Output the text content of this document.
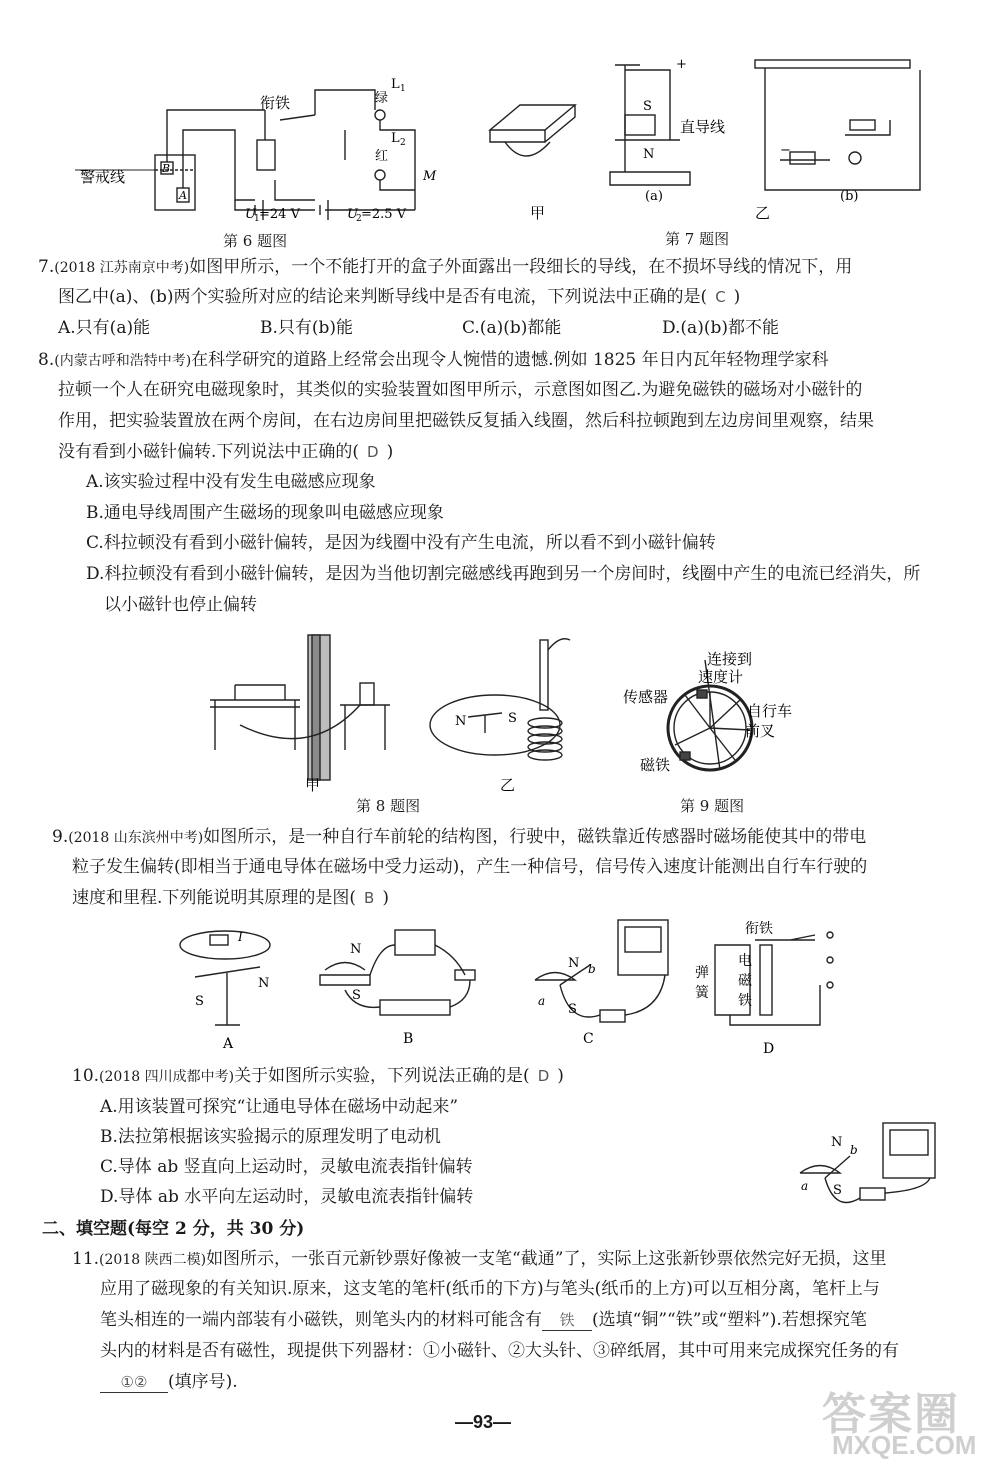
衔铁
警戒线	B
A
L 1
绿
L 2
红
M
U
1 =24 V	U
2 =2.5 V
第 6 题图
+
S
N
直导线
(a)
−
(b)
甲	乙
第 7 题图
7.(2018 江苏南京中考)如图甲所示，一个不能打开的盒子外面露出一段细长的导线，在不损坏导线的情况下，用
图乙中(a)、(b)两个实验所对应的结论来判断导线中是否有电流，下列说法中正确的是( C )
A.只有(a)能	B.只有(b)能	C.(a)(b)都能	D.(a)(b)都不能
8.(内蒙古呼和浩特中考)在科学研究的道路上经常会出现令人惋惜的遗憾.例如 1825 年日内瓦年轻物理学家科
拉顿一个人在研究电磁现象时，其类似的实验装置如图甲所示，示意图如图乙.为避免磁铁的磁场对小磁针的
作用，把实验装置放在两个房间，在右边房间里把磁铁反复插入线圈，然后科拉顿跑到左边房间里观察，结果
没有看到小磁针偏转.下列说法中正确的( D )
A.该实验过程中没有发生电磁感应现象
B.通电导线周围产生磁场的现象叫电磁感应现象
C.科拉顿没有看到小磁针偏转，是因为线圈中没有产生电流，所以看不到小磁针偏转
D.科拉顿没有看到小磁针偏转，是因为当他切割完磁感线再跑到另一个房间时，线圈中产生的电流已经消失，所
以小磁针也停止偏转
N	S
甲	乙
第 8 题图
连接到
速度计
传感器
自行车
前叉
磁铁
第 9 题图
9.(2018 山东滨州中考)如图所示，是一种自行车前轮的结构图，行驶中，磁铁靠近传感器时磁场能使其中的带电
粒子发生偏转(即相当于通电导体在磁场中受力运动)，产生一种信号，信号传入速度计能测出自行车行驶的
速度和里程.下列能说明其原理的是图( B )
I
S
N
A
N
S
B
N b
a
S
C
衔铁
弹
簧
电
磁
铁
D
10.(2018 四川成都中考)关于如图所示实验，下列说法正确的是( D )
A.用该装置可探究“让通电导体在磁场中动起来”
B.法拉第根据该实验揭示的原理发明了电动机
C.导体 ab 竖直向上运动时，灵敏电流表指针偏转
D.导体 ab 水平向左运动时，灵敏电流表指针偏转
N b
a S
二、填空题(每空 2 分，共 30 分)
11.(2018 陕西二模)如图所示，一张百元新钞票好像被一支笔“截通”了，实际上这张新钞票依然完好无损，这里
应用了磁现象的有关知识.原来，这支笔的笔杆(纸币的下方)与笔头(纸币的上方)可以互相分离，笔杆上与
笔头相连的一端内部装有小磁铁，则笔头内的材料可能含有 铁 (选填“铜”“铁”或“塑料”).若想探究笔
头内的材料是否有磁性，现提供下列器材：①小磁针、②大头针、③碎纸屑，其中可用来完成探究任务的有
①② (填序号).
—93—	答案圈
MXQE.COM
